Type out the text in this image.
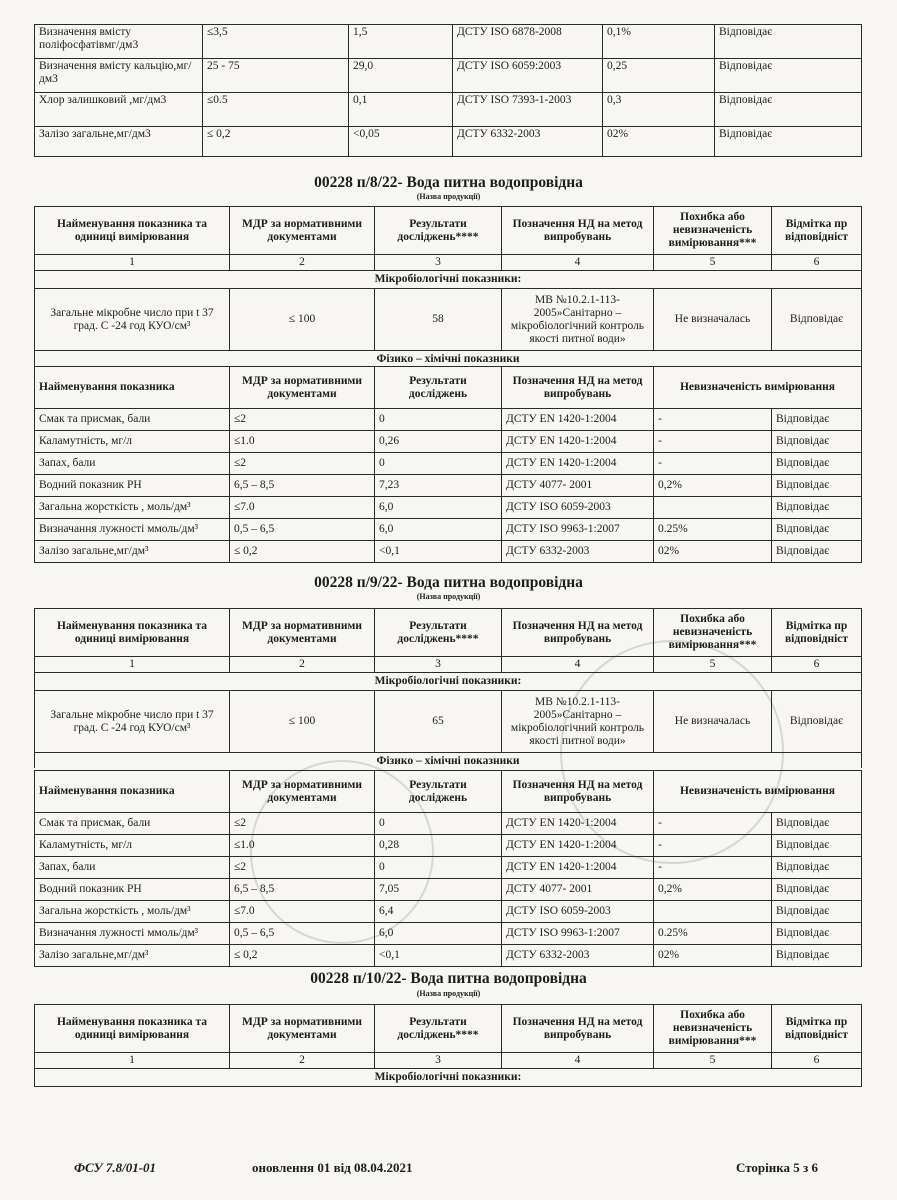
Визначення вмісту поліфосфатівмг/дм3	≤3,5	1,5	ДСТУ ISO 6878-2008	0,1%	Відповідає
Визначення вмісту кальцію,мг/дм3	25 - 75	29,0	ДСТУ ISO 6059:2003	0,25	Відповідає
Хлор залишковий ,мг/дм3	≤0.5	0,1	ДСТУ ISO 7393-1-2003	0,3	Відповідає
Залізо загальне,мг/дм3	≤ 0,2	<0,05	ДСТУ 6332-2003	02%	Відповідає
00228 п/8/22- Вода питна водопровідна
(Назва продукції)
Найменування показника та одиниці вимірювання	МДР за нормативними документами	Результати досліджень****	Позначення НД на метод випробувань	Похибка або невизначеність вимірювання***	Відмітка пр відповідніст
1	2	3	4	5	6
Мікробіологічні показники:					
Загальне мікробне число при t 37 град. С -24 год КУО/см³	≤ 100	58	МВ №10.2.1-113-2005»Санітарно – мікробіологічний контроль якості питної води»	Не визначалась	Відповідає
Фізико – хімічні показники					
Найменування показника	МДР за нормативними документами	Результати досліджень	Позначення НД на метод випробувань	Невизначеність вимірювання	
Смак та присмак, бали	≤2	0	ДСТУ EN 1420-1:2004	-	Відповідає
Каламутність, мг/л	≤1.0	0,26	ДСТУ EN 1420-1:2004	-	Відповідає
Запах, бали	≤2	0	ДСТУ EN 1420-1:2004	-	Відповідає
Водний показник PH	6,5 – 8,5	7,23	ДСТУ 4077- 2001	0,2%	Відповідає
Загальна жорсткість , моль/дм³	≤7.0	6,0	ДСТУ ISO 6059-2003		Відповідає
Визначання лужності ммоль/дм³	0,5 – 6,5	6,0	ДСТУ ISO 9963-1:2007	0.25%	Відповідає
Залізо загальне,мг/дм³	≤ 0,2	<0,1	ДСТУ 6332-2003	02%	Відповідає
00228 п/9/22- Вода питна водопровідна
(Назва продукції)
Найменування показника та одиниці вимірювання	МДР за нормативними документами	Результати досліджень****	Позначення НД на метод випробувань	Похибка або невизначеність вимірювання***	Відмітка пр відповідніст
1	2	3	4	5	6
Мікробіологічні показники:					
Загальне мікробне число при t 37 град. С -24 год КУО/см³	≤ 100	65	МВ №10.2.1-113-2005»Санітарно – мікробіологічний контроль якості питної води»	Не визначалась	Відповідає
Фізико – хімічні показники					
Найменування показника	МДР за нормативними документами	Результати досліджень	Позначення НД на метод випробувань	Невизначеність вимірювання	
Смак та присмак, бали	≤2	0	ДСТУ EN 1420-1:2004	-	Відповідає
Каламутність, мг/л	≤1.0	0,28	ДСТУ EN 1420-1:2004	-	Відповідає
Запах, бали	≤2	0	ДСТУ EN 1420-1:2004	-	Відповідає
Водний показник PH	6,5 – 8,5	7,05	ДСТУ 4077- 2001	0,2%	Відповідає
Загальна жорсткість , моль/дм³	≤7.0	6,4	ДСТУ ISO 6059-2003		Відповідає
Визначання лужності ммоль/дм³	0,5 – 6,5	6,0	ДСТУ ISO 9963-1:2007	0.25%	Відповідає
Залізо загальне,мг/дм³	≤ 0,2	<0,1	ДСТУ 6332-2003	02%	Відповідає
00228 п/10/22- Вода питна водопровідна
(Назва продукції)
Найменування показника та одиниці вимірювання	МДР за нормативними документами	Результати досліджень****	Позначення НД на метод випробувань	Похибка або невизначеність вимірювання***	Відмітка пр відповідніст
1	2	3	4	5	6
Мікробіологічні показники:					
ФСУ 7.8/01-01	оновлення 01 від 08.04.2021	Сторінка 5 з 6
